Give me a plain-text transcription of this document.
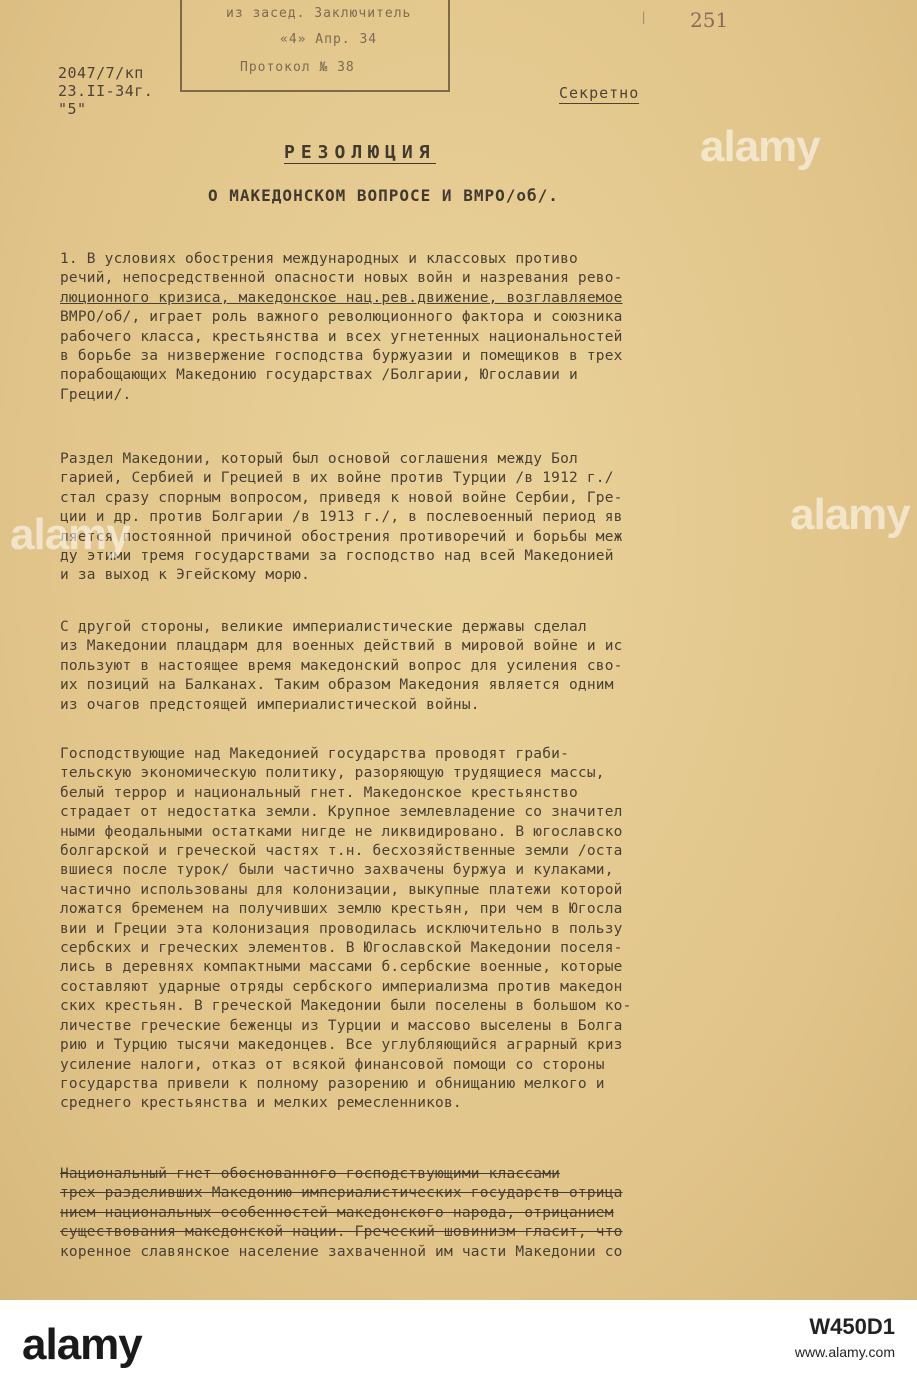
из засед. Заключитель
«4» Апр. 34
Протокол № 38
| 251
2047/7/кп
23.II-34г.
"5"
Секретно
РЕЗОЛЮЦИЯ
О МАКЕДОНСКОМ ВОПРОСЕ И ВМРО/об/.
1. В условиях обострения международных и классовых противо
речий, непосредственной опасности новых войн и назревания рево-
люционного кризиса, македонское нац.рев.движение, возглавляемое
ВМРО/об/, играет роль важного революционного фактора и союзника
рабочего класса, крестьянства и всех угнетенных национальностей
в борьбе за низвержение господства буржуазии и помещиков в трех
порабощающих Македонию государствах /Болгарии, Югославии и
Греции/.
Раздел Македонии, который был основой соглашения между Бол
гарией, Сербией и Грецией в их войне против Турции /в 1912 г./
стал сразу спорным вопросом, приведя к новой войне Сербии, Гре-
ции и др. против Болгарии /в 1913 г./, в послевоенный период яв
ляется постоянной причиной обострения противоречий и борьбы меж
ду этими тремя государствами за господство над всей Македонией
и за выход к Эгейскому морю.
С другой стороны, великие империалистические державы сделал
из Македонии плацдарм для военных действий в мировой войне и ис
пользуют в настоящее время македонский вопрос для усиления сво-
их позиций на Балканах. Таким образом Македония является одним
из очагов предстоящей империалистической войны.
Господствующие над Македонией государства проводят граби-
тельскую экономическую политику, разоряющую трудящиеся массы,
белый террор и национальный гнет. Македонское крестьянство
страдает от недостатка земли. Крупное землевладение со значител
ными феодальными остатками нигде не ликвидировано. В югославско
болгарской и греческой частях т.н. бесхозяйственные земли /оста
вшиеся после турок/ были частично захвачены буржуа и кулаками,
частично использованы для колонизации, выкупные платежи которой
ложатся бременем на получивших землю крестьян, при чем в Югосла
вии и Греции эта колонизация проводилась исключительно в пользу
сербских и греческих элементов. В Югославской Македонии поселя-
лись в деревнях компактными массами б.сербские военные, которые
составляют ударные отряды сербского империализма против македон
ских крестьян. В греческой Македонии были поселены в большом ко-
личестве греческие беженцы из Турции и массово выселены в Болга
рию и Турцию тысячи македонцев. Все углубляющийся аграрный криз
усиление налоги, отказ от всякой финансовой помощи со стороны
государства привели к полному разорению и обнищанию мелкого и
среднего крестьянства и мелких ремесленников.
Национальный гнет обоснованного господствующими классами
трех разделивших Македонию империалистических государств отрица
нием национальных особенностей македонского народа, отрицанием
существования македонской нации. Греческий шовинизм гласит, что
коренное славянское население захваченной им части Македонии со
alamy
alamy	alamy
alamy	W450D1
www.alamy.com
